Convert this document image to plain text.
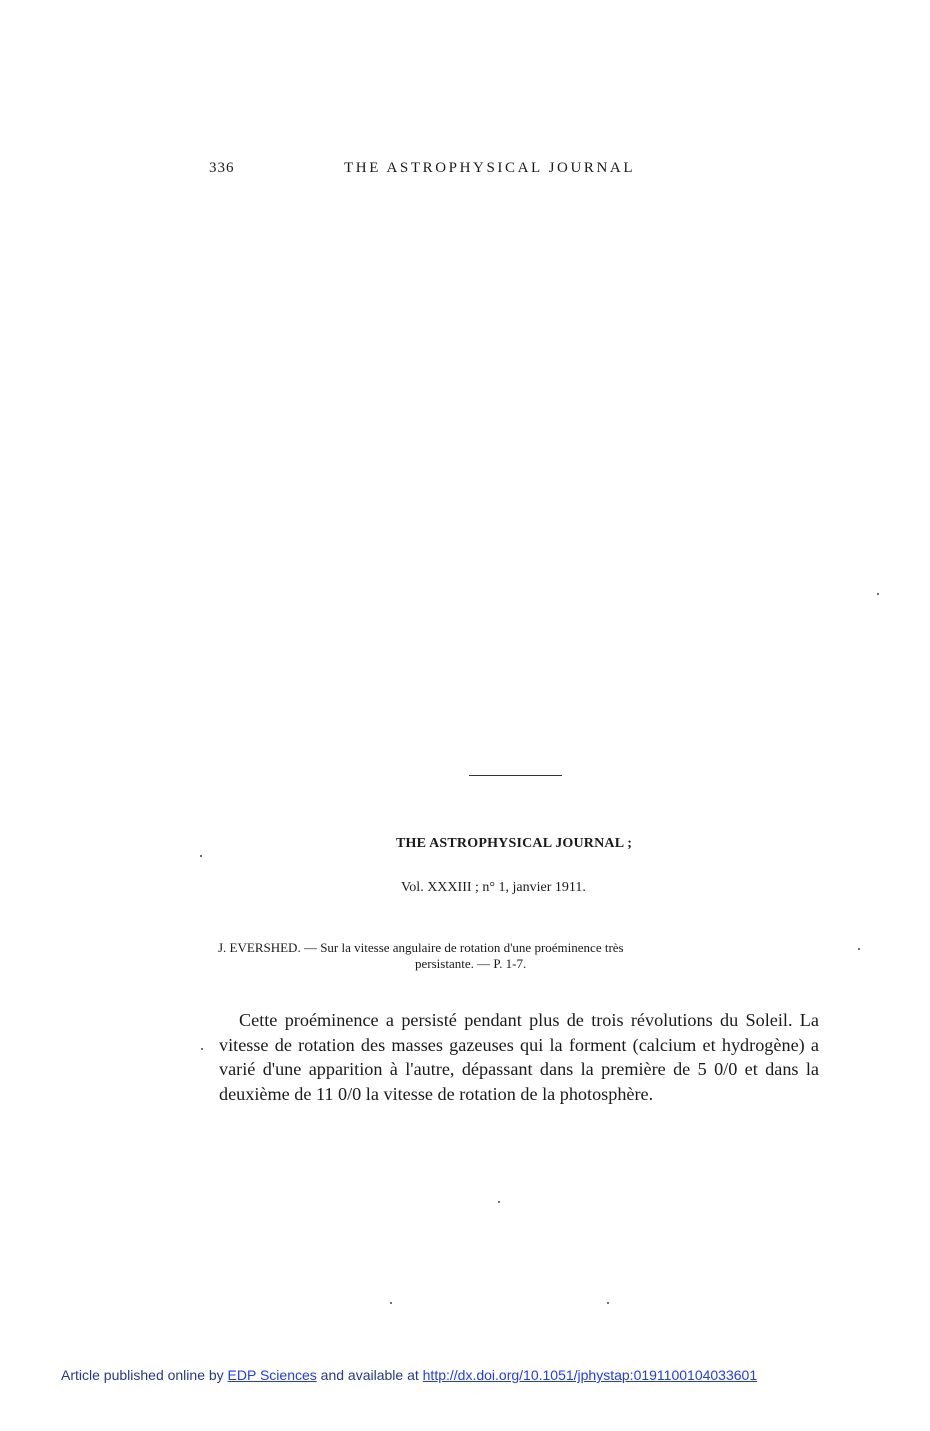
336	THE ASTROPHYSICAL JOURNAL
THE ASTROPHYSICAL JOURNAL ;
Vol. XXXIII ; n° 1, janvier 1911.
J. EVERSHED. — Sur la vitesse angulaire de rotation d'une proéminence très
persistante. — P. 1-7.

Cette proéminence a persisté pendant plus de trois révolutions du Soleil. La vitesse de rotation des masses gazeuses qui la forment (calcium et hydrogène) a varié d'une apparition à l'autre, dépassant dans la première de 5 0/0 et dans la deuxième de 11 0/0 la vitesse de rotation de la photosphère.

Article published online by EDP Sciences and available at http://dx.doi.org/10.1051/jphystap:0191100104033601
